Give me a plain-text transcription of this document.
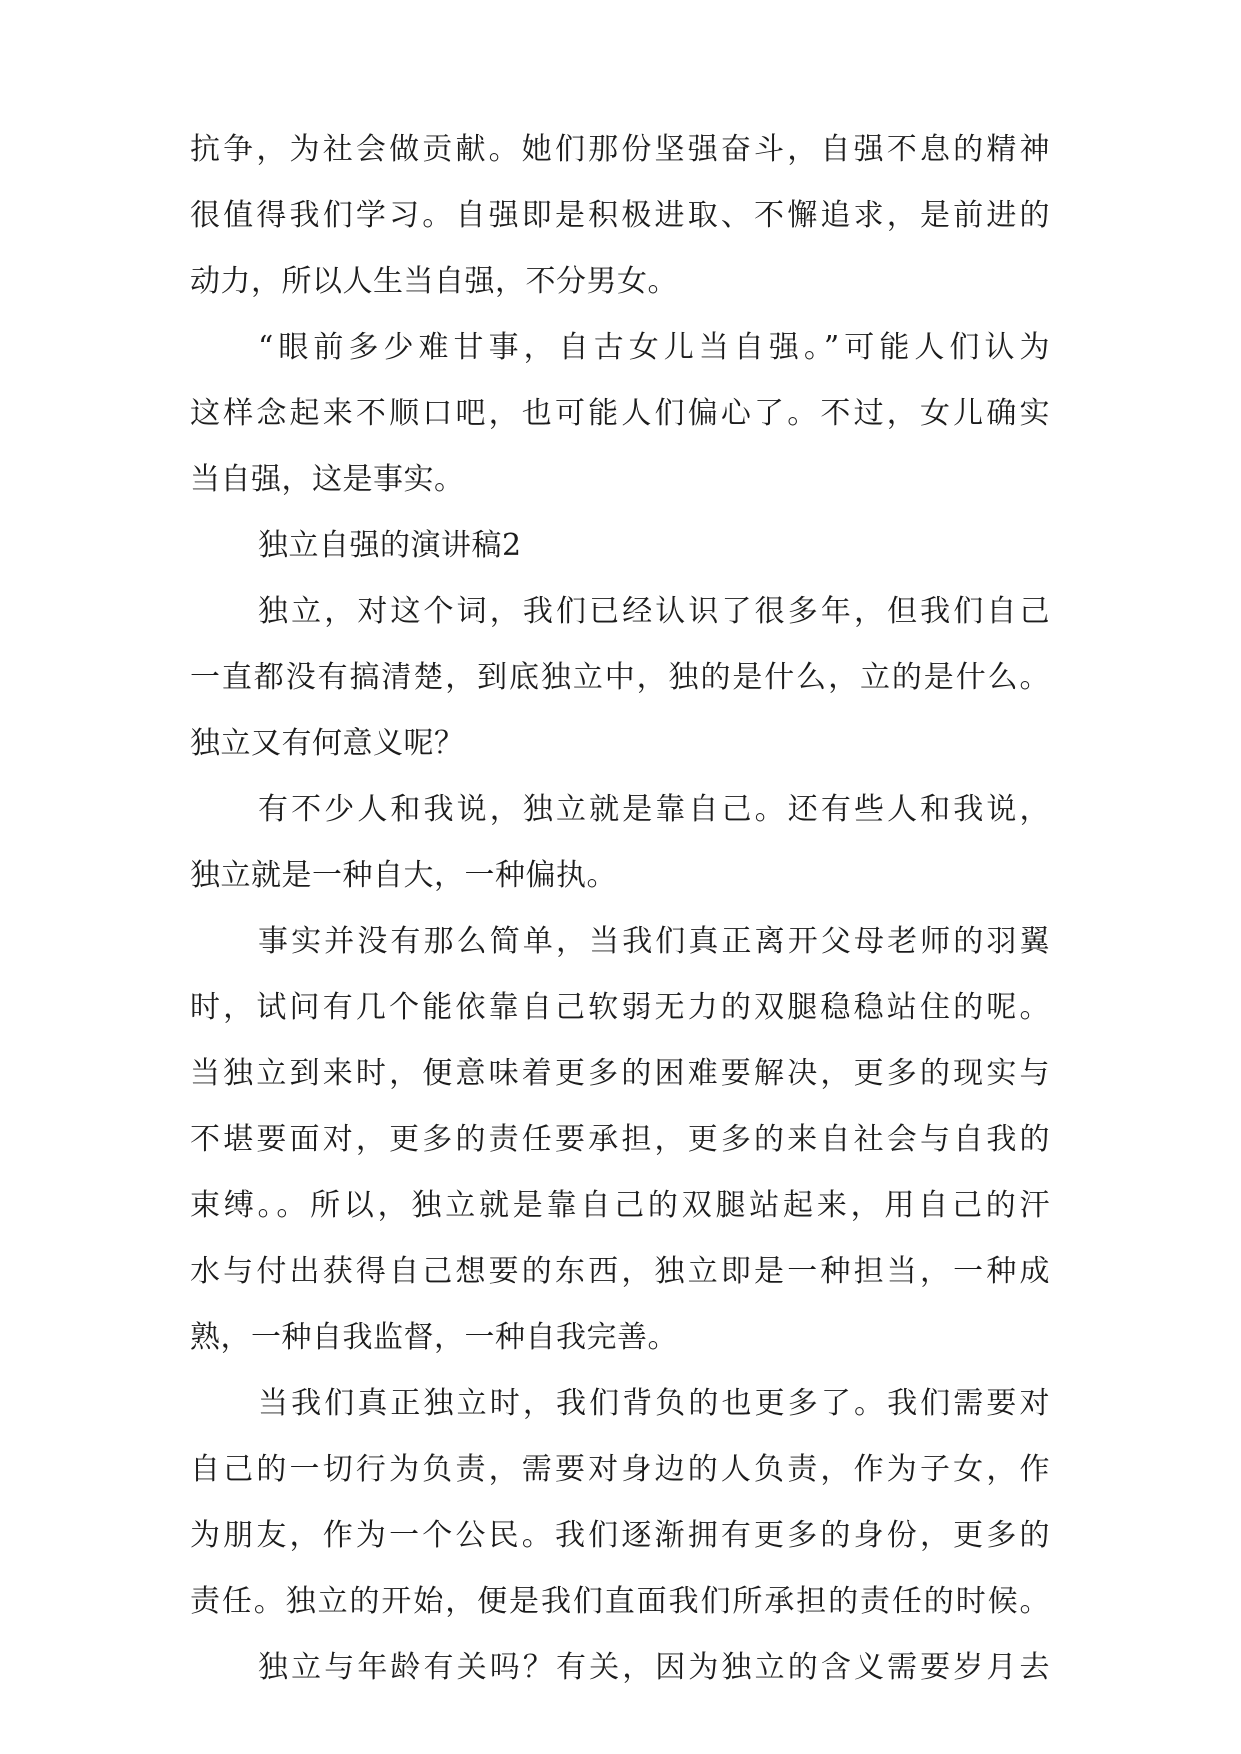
抗争，为社会做贡献。她们那份坚强奋斗，自强不息的精神
很值得我们学习。自强即是积极进取、不懈追求，是前进的
动力，所以人生当自强，不分男女。
“眼前多少难甘事，自古女儿当自强。”可能人们认为
这样念起来不顺口吧，也可能人们偏心了。不过，女儿确实
当自强，这是事实。
独立自强的演讲稿2
独立，对这个词，我们已经认识了很多年，但我们自己
一直都没有搞清楚，到底独立中，独的是什么，立的是什么。
独立又有何意义呢？
有不少人和我说，独立就是靠自己。还有些人和我说，
独立就是一种自大，一种偏执。
事实并没有那么简单，当我们真正离开父母老师的羽翼
时，试问有几个能依靠自己软弱无力的双腿稳稳站住的呢。
当独立到来时，便意味着更多的困难要解决，更多的现实与
不堪要面对，更多的责任要承担，更多的来自社会与自我的
束缚。。所以，独立就是靠自己的双腿站起来，用自己的汗
水与付出获得自己想要的东西，独立即是一种担当，一种成
熟，一种自我监督，一种自我完善。
当我们真正独立时，我们背负的也更多了。我们需要对
自己的一切行为负责，需要对身边的人负责，作为子女，作
为朋友，作为一个公民。我们逐渐拥有更多的身份，更多的
责任。独立的开始，便是我们直面我们所承担的责任的时候。
独立与年龄有关吗？有关，因为独立的含义需要岁月去
